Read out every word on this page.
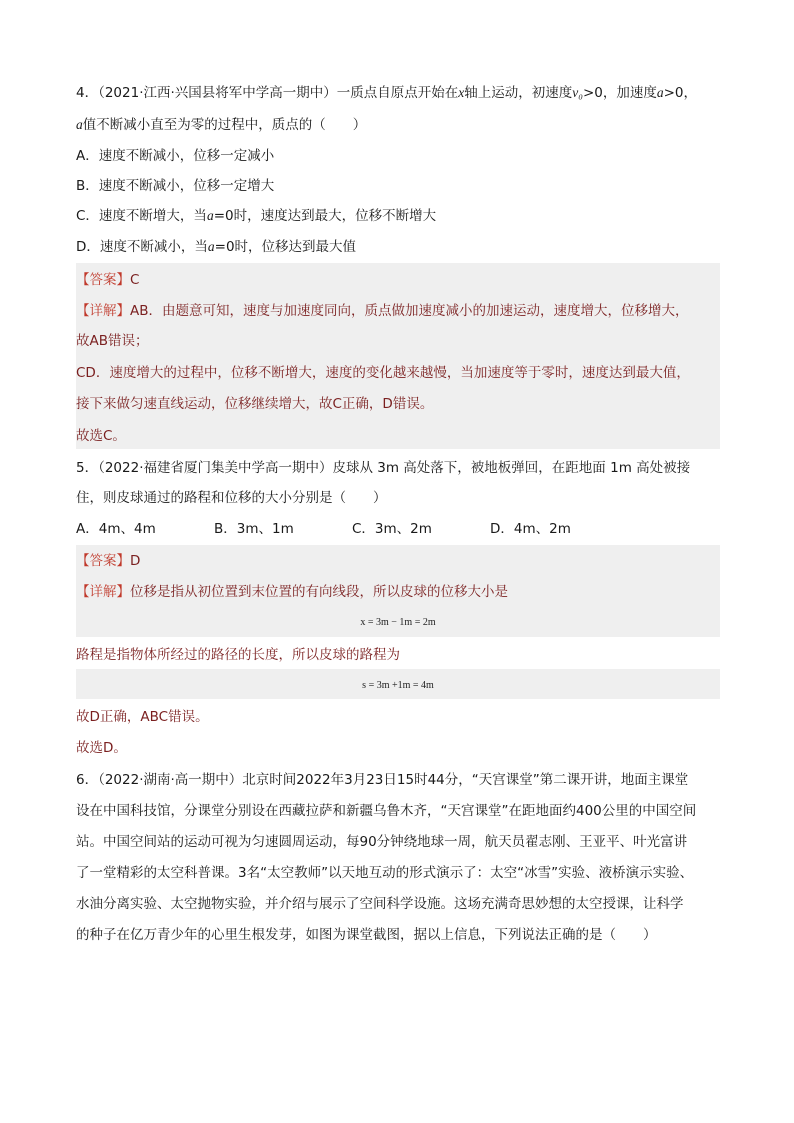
4．（2021·江西·兴国县将军中学高一期中）一质点自原点开始在x轴上运动，初速度v₀>0，加速度a>0，
a值不断减小直至为零的过程中，质点的（　　）
A．速度不断减小，位移一定减小
B．速度不断减小，位移一定增大
C．速度不断增大，当a=0时，速度达到最大，位移不断增大
D．速度不断减小，当a=0时，位移达到最大值
【答案】C
【详解】AB．由题意可知，速度与加速度同向，质点做加速度减小的加速运动，速度增大，位移增大，
故AB错误；
CD．速度增大的过程中，位移不断增大，速度的变化越来越慢，当加速度等于零时，速度达到最大值，
接下来做匀速直线运动，位移继续增大，故C正确，D错误。
故选C。
5．（2022·福建省厦门集美中学高一期中）皮球从 3m 高处落下，被地板弹回，在距地面 1m 高处被接
住，则皮球通过的路程和位移的大小分别是（　　）
A．4m、4m	B．3m、1m	C．3m、2m	D．4m、2m
【答案】D
【详解】位移是指从初位置到末位置的有向线段，所以皮球的位移大小是
x = 3m − 1m = 2m
路程是指物体所经过的路径的长度，所以皮球的路程为
s = 3m +1m = 4m
故D正确，ABC错误。
故选D。
6．（2022·湖南·高一期中）北京时间2022年3月23日15时44分，“天宫课堂”第二课开讲，地面主课堂
设在中国科技馆，分课堂分别设在西藏拉萨和新疆乌鲁木齐，“天宫课堂”在距地面约400公里的中国空间
站。中国空间站的运动可视为匀速圆周运动，每90分钟绕地球一周，航天员翟志刚、王亚平、叶光富讲
了一堂精彩的太空科普课。3名“太空教师”以天地互动的形式演示了：太空“冰雪”实验、液桥演示实验、
水油分离实验、太空抛物实验，并介绍与展示了空间科学设施。这场充满奇思妙想的太空授课，让科学
的种子在亿万青少年的心里生根发芽，如图为课堂截图，据以上信息，下列说法正确的是（　　）
